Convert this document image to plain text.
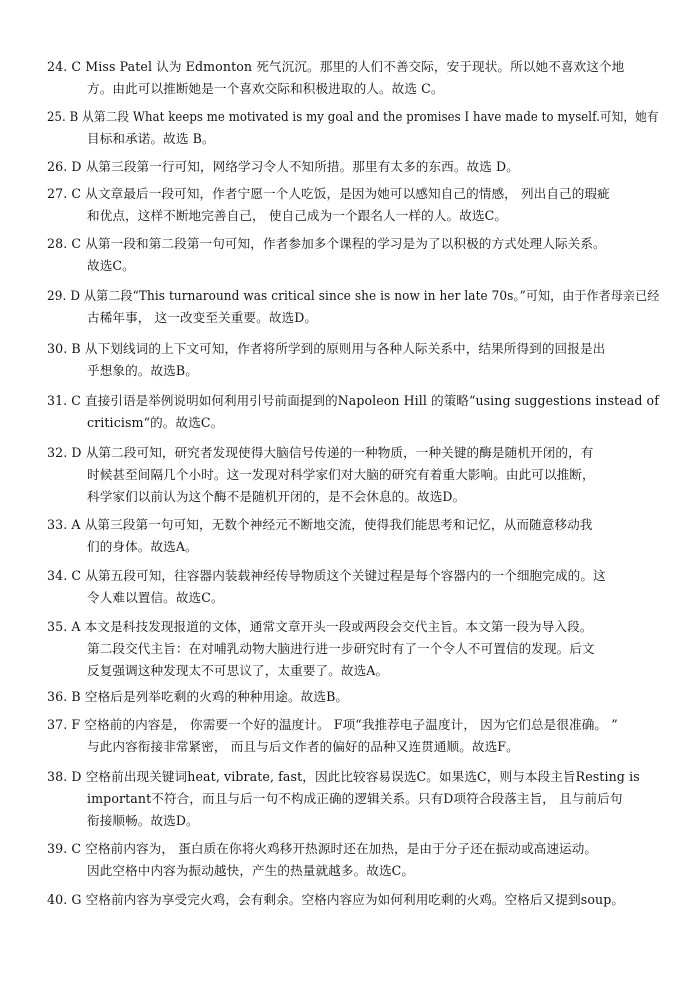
24. C Miss Patel 认为 Edmonton 死气沉沉。那里的人们不善交际，安于现状。所以她不喜欢这个地
方。由此可以推断她是一个喜欢交际和积极进取的人。故选 C。
25. B 从第二段 What keeps me motivated is my goal and the promises I have made to myself.可知，她有
目标和承诺。故选 B。
26. D 从第三段第一行可知，网络学习令人不知所措。那里有太多的东西。故选 D。
27. C 从文章最后一段可知，作者宁愿一个人吃饭，是因为她可以感知自己的情感， 列出自己的瑕疵
和优点，这样不断地完善自己， 使自己成为一个跟名人一样的人。故选C。
28. C 从第一段和第二段第一句可知，作者参加多个课程的学习是为了以积极的方式处理人际关系。
故选C。
29. D 从第二段“This turnaround was critical since she is now in her late 70s。”可知，由于作者母亲已经
古稀年事， 这一改变至关重要。故选D。
30. B 从下划线词的上下文可知，作者将所学到的原则用与各种人际关系中，结果所得到的回报是出
乎想象的。故选B。
31. C 直接引语是举例说明如何利用引号前面提到的Napoleon Hill 的策略“using suggestions instead of
criticism“的。故选C。
32. D 从第二段可知，研究者发现使得大脑信号传递的一种物质，一种关键的酶是随机开闭的，有
时候甚至间隔几个小时。这一发现对科学家们对大脑的研究有着重大影响。由此可以推断，
科学家们以前认为这个酶不是随机开闭的，是不会休息的。故选D。
33. A 从第三段第一句可知，无数个神经元不断地交流，使得我们能思考和记忆，从而随意移动我
们的身体。故选A。
34. C 从第五段可知，往容器内装载神经传导物质这个关键过程是每个容器内的一个细胞完成的。这
令人难以置信。故选C。
35. A 本文是科技发现报道的文体，通常文章开头一段或两段会交代主旨。本文第一段为导入段。
第二段交代主旨：在对哺乳动物大脑进行进一步研究时有了一个令人不可置信的发现。后文
反复强调这种发现太不可思议了，太重要了。故选A。
36. B 空格后是列举吃剩的火鸡的种种用途。故选B。
37. F 空格前的内容是， 你需要一个好的温度计。 F项“我推荐电子温度计， 因为它们总是很准确。 ”
与此内容衔接非常紧密， 而且与后文作者的偏好的品种又连贯通顺。故选F。
38. D 空格前出现关键词heat, vibrate, fast，因此比较容易误选C。如果选C，则与本段主旨Resting is
important不符合，而且与后一句不构成正确的逻辑关系。只有D项符合段落主旨， 且与前后句
衔接顺畅。故选D。
39. C 空格前内容为， 蛋白质在你将火鸡移开热源时还在加热，是由于分子还在振动或高速运动。
因此空格中内容为振动越快，产生的热量就越多。故选C。
40. G 空格前内容为享受完火鸡，会有剩余。空格内容应为如何利用吃剩的火鸡。空格后又提到soup。
